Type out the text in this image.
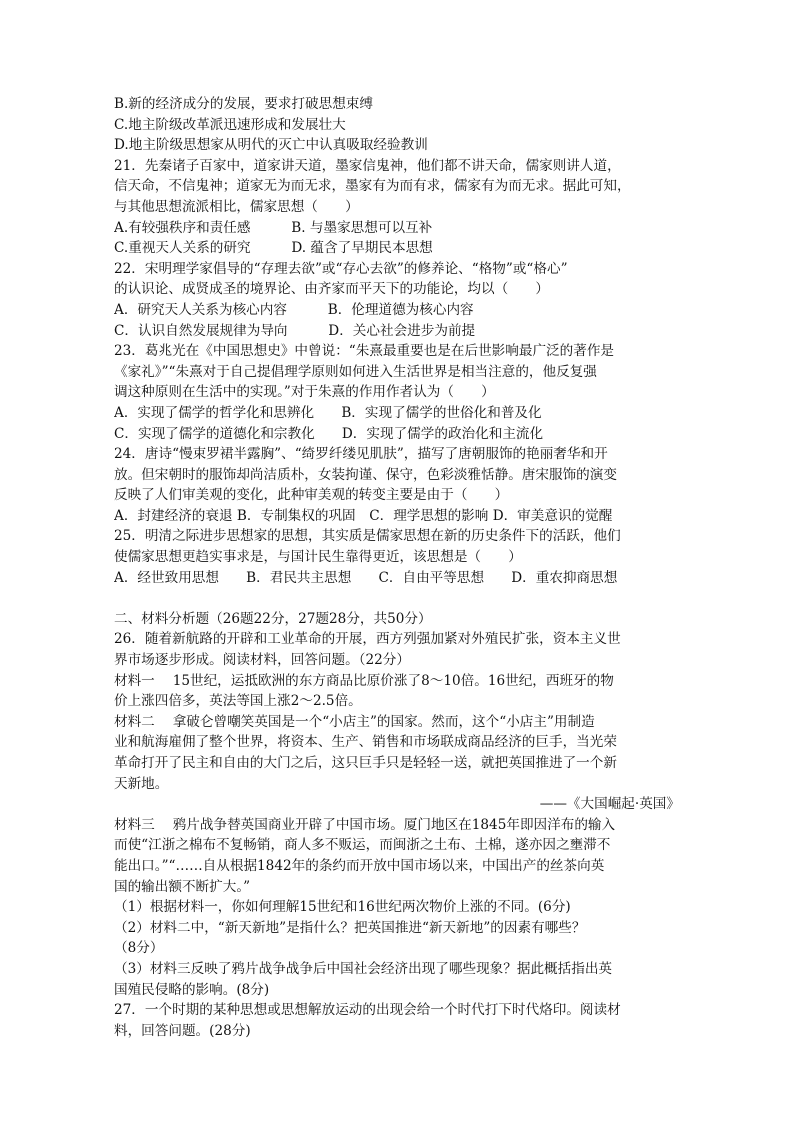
B.新的经济成分的发展，要求打破思想束缚
C.地主阶级改革派迅速形成和发展壮大
D.地主阶级思想家从明代的灭亡中认真吸取经验教训
21．先秦诸子百家中，道家讲天道，墨家信鬼神，他们都不讲天命，儒家则讲人道，
信天命，不信鬼神；道家无为而无求，墨家有为而有求，儒家有为而无求。据此可知，
与其他思想流派相比，儒家思想（　　）
A.有较强秩序和责任感　　　B. 与墨家思想可以互补
C.重视天人关系的研究　　　D. 蕴含了早期民本思想
22．宋明理学家倡导的“存理去欲”或“存心去欲”的修养论、“格物”或“格心”
的认识论、成贤成圣的境界论、由齐家而平天下的功能论，均以（　　）
A．研究天人关系为核心内容　　　B．伦理道德为核心内容
C．认识自然发展规律为导向　　　D．关心社会进步为前提
23．葛兆光在《中国思想史》中曾说：“朱熹最重要也是在后世影响最广泛的著作是
《家礼》”“朱熹对于自己提倡理学原则如何进入生活世界是相当注意的，他反复强
调这种原则在生活中的实现。”对于朱熹的作用作者认为（　　）
A．实现了儒学的哲学化和思辨化　　B．实现了儒学的世俗化和普及化
C．实现了儒学的道德化和宗教化　　D．实现了儒学的政治化和主流化
24．唐诗“慢束罗裙半露胸”、“绮罗纤缕见肌肤”，描写了唐朝服饰的艳丽奢华和开
放。但宋朝时的服饰却尚洁质朴，女装拘谨、保守，色彩淡雅恬静。唐宋服饰的演变
反映了人们审美观的变化，此种审美观的转变主要是由于（　　）
A．封建经济的衰退 B．专制集权的巩固　C．理学思想的影响 D．审美意识的觉醒
25．明清之际进步思想家的思想，其实质是儒家思想在新的历史条件下的活跃，他们
使儒家思想更趋实事求是，与国计民生靠得更近，该思想是（　　）
A．经世致用思想　　B．君民共主思想　　C．自由平等思想　　D．重农抑商思想
二、材料分析题（26题22分，27题28分，共50分）
26．随着新航路的开辟和工业革命的开展，西方列强加紧对外殖民扩张，资本主义世
界市场逐步形成。阅读材料，回答问题。（22分）
材料一　 15世纪，运抵欧洲的东方商品比原价涨了8～10倍。16世纪，西班牙的物
价上涨四倍多，英法等国上涨2～2.5倍。
材料二　 拿破仑曾嘲笑英国是一个“小店主”的国家。然而，这个“小店主”用制造
业和航海雇佣了整个世界，将资本、生产、销售和市场联成商品经济的巨手，当光荣
革命打开了民主和自由的大门之后，这只巨手只是轻轻一送，就把英国推进了一个新
天新地。
——《大国崛起·英国》
材料三　 鸦片战争替英国商业开辟了中国市场。厦门地区在1845年即因洋布的输入
而使“江浙之棉布不复畅销，商人多不贩运，而闽浙之土布、土棉，遂亦因之壅滞不
能出口。”“……自从根据1842年的条约而开放中国市场以来，中国出产的丝茶向英
国的输出额不断扩大。”
（1）根据材料一，你如何理解15世纪和16世纪两次物价上涨的不同。(6分)
（2）材料二中，“新天新地”是指什么？把英国推进“新天新地”的因素有哪些？
（8分）
（3）材料三反映了鸦片战争战争后中国社会经济出现了哪些现象？据此概括指出英
国殖民侵略的影响。(8分)
27．一个时期的某种思想或思想解放运动的出现会给一个时代打下时代烙印。阅读材
料，回答问题。(28分)
